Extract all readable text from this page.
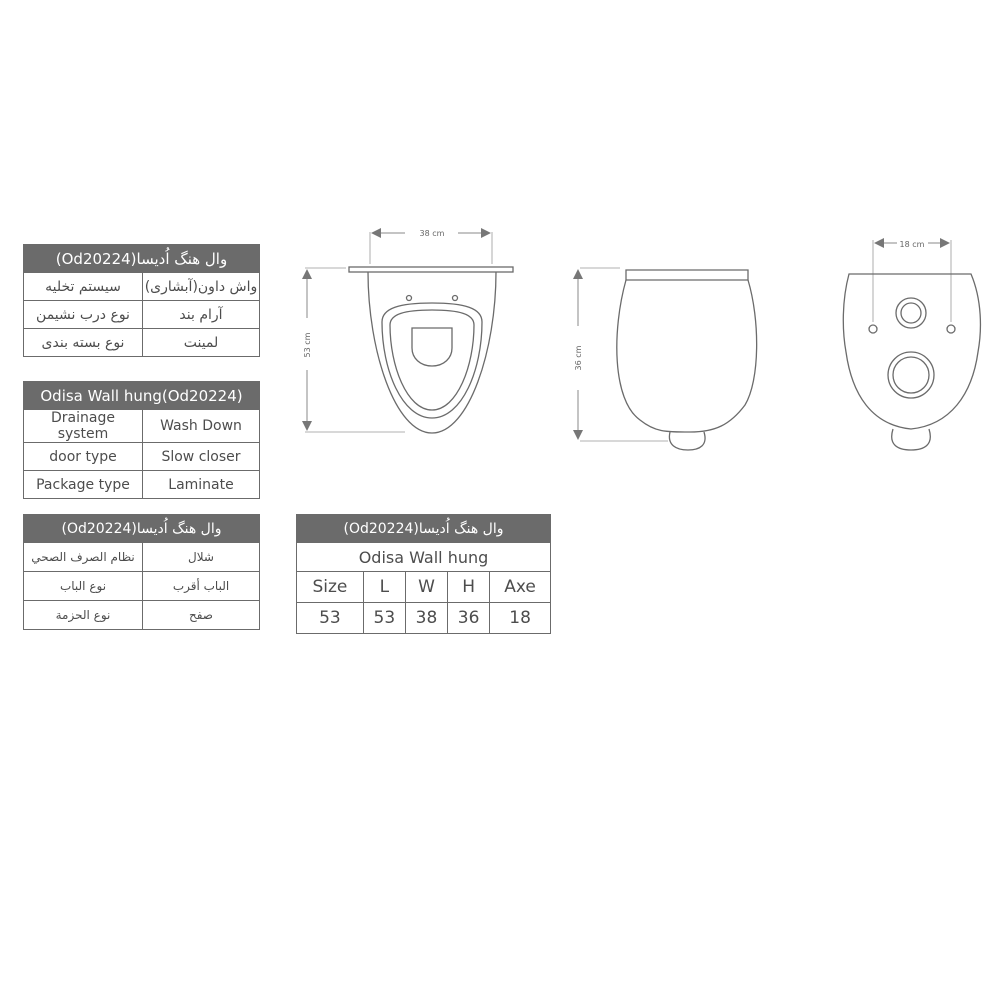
وال هنگ اُدیسا(Od20224)	
سیستم تخلیه	واش داون(آبشاری)
نوع درب نشیمن	آرام بند
نوع بسته بندی	لمینت
Odisa Wall hung(Od20224)	
Drainage system	Wash Down
door type	Slow closer
Package type	Laminate
وال هنگ اُدیسا(Od20224)	
نظام الصرف الصحي	شلال
نوع الباب	الباب أقرب
نوع الحزمة	صفح
وال هنگ اُدیسا(Od20224)				
Odisa Wall hung				
Size	L	W	H	Axe
53	53	38	36	18
38 cm
53 cm
36 cm
18 cm
